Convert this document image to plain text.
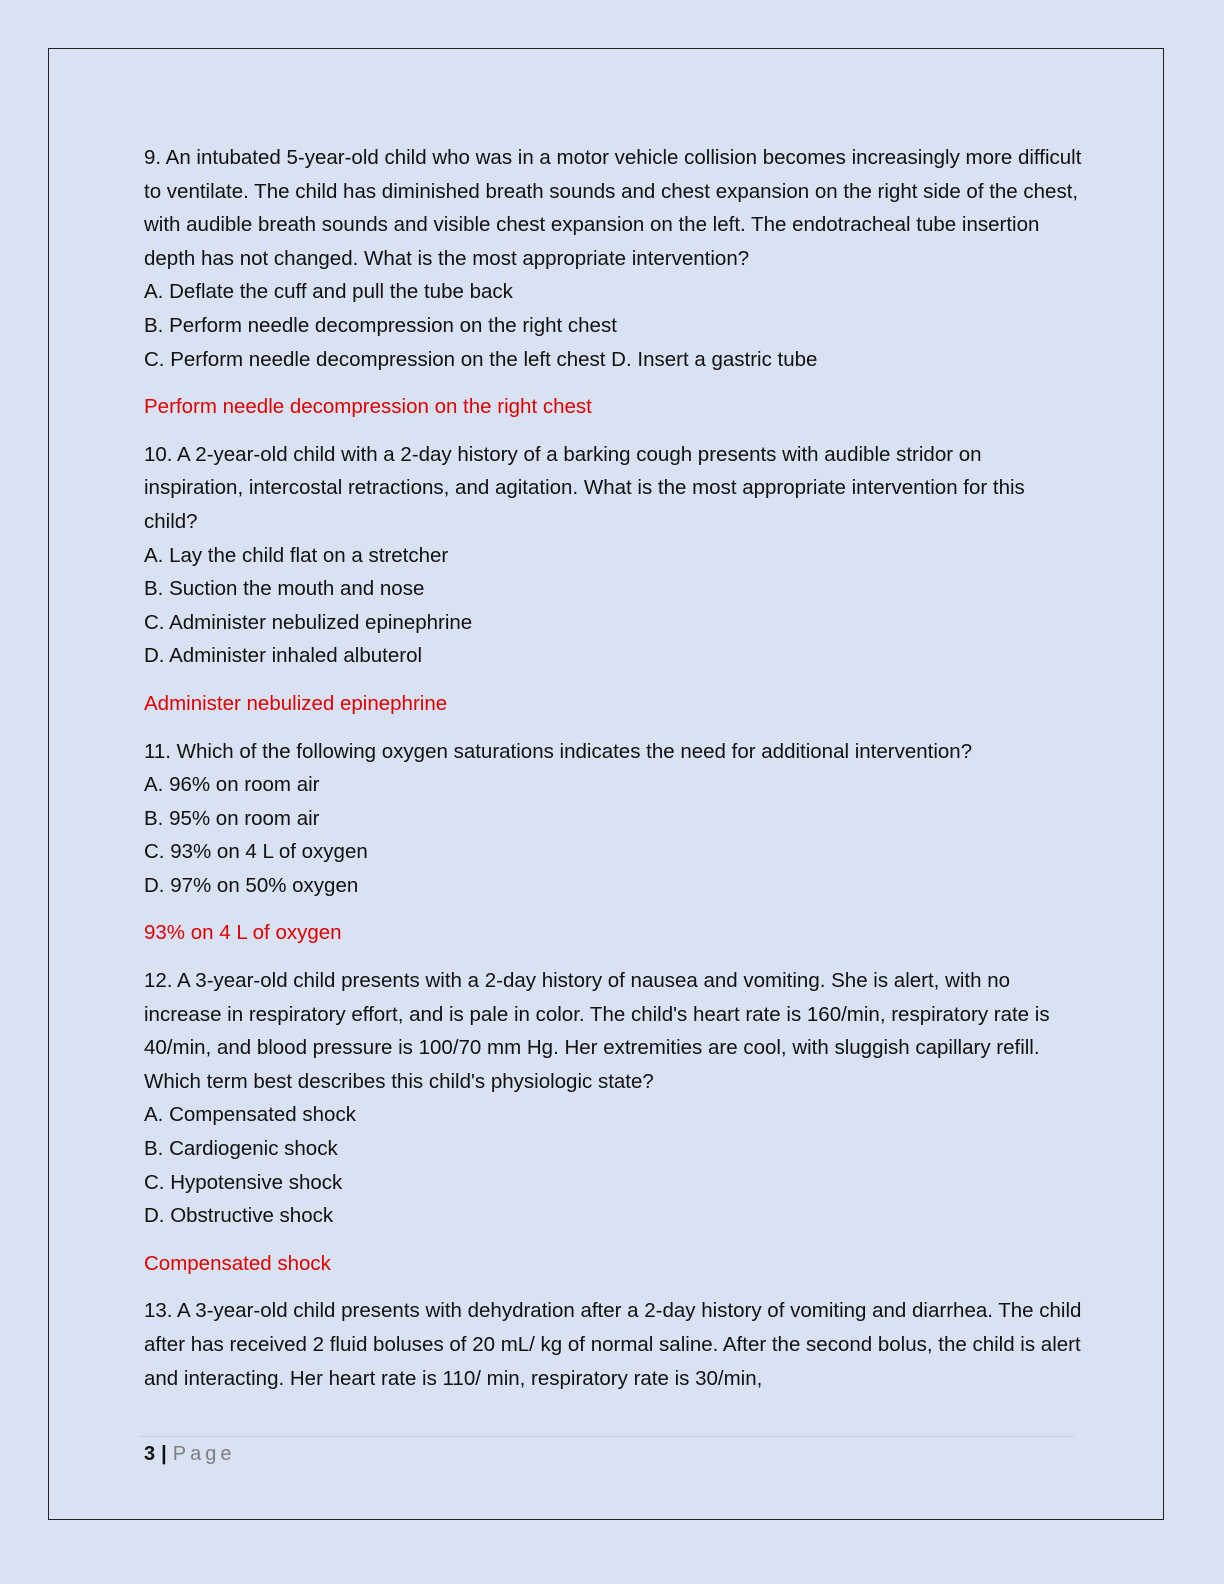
9. An intubated 5-year-old child who was in a motor vehicle collision becomes increasingly more difficult to ventilate. The child has diminished breath sounds and chest expansion on the right side of the chest, with audible breath sounds and visible chest expansion on the left. The endotracheal tube insertion depth has not changed. What is the most appropriate intervention?

A. Deflate the cuff and pull the tube back

B. Perform needle decompression on the right chest

C. Perform needle decompression on the left chest D. Insert a gastric tube

Perform needle decompression on the right chest

10. A 2-year-old child with a 2-day history of a barking cough presents with audible stridor on inspiration, intercostal retractions, and agitation. What is the most appropriate intervention for this child?

A. Lay the child flat on a stretcher

B. Suction the mouth and nose

C. Administer nebulized epinephrine

D. Administer inhaled albuterol

Administer nebulized epinephrine

11. Which of the following oxygen saturations indicates the need for additional intervention?

A. 96% on room air

B. 95% on room air

C. 93% on 4 L of oxygen

D. 97% on 50% oxygen

93% on 4 L of oxygen

12. A 3-year-old child presents with a 2-day history of nausea and vomiting. She is alert, with no increase in respiratory effort, and is pale in color. The child's heart rate is 160/min, respiratory rate is 40/min, and blood pressure is 100/70 mm Hg. Her extremities are cool, with sluggish capillary refill. Which term best describes this child's physiologic state?

A. Compensated shock

B. Cardiogenic shock

C. Hypotensive shock

D. Obstructive shock

Compensated shock

13. A 3-year-old child presents with dehydration after a 2-day history of vomiting and diarrhea. The child after has received 2 fluid boluses of 20 mL/ kg of normal saline. After the second bolus, the child is alert and interacting. Her heart rate is 110/ min, respiratory rate is 30/min,

3 | Page
